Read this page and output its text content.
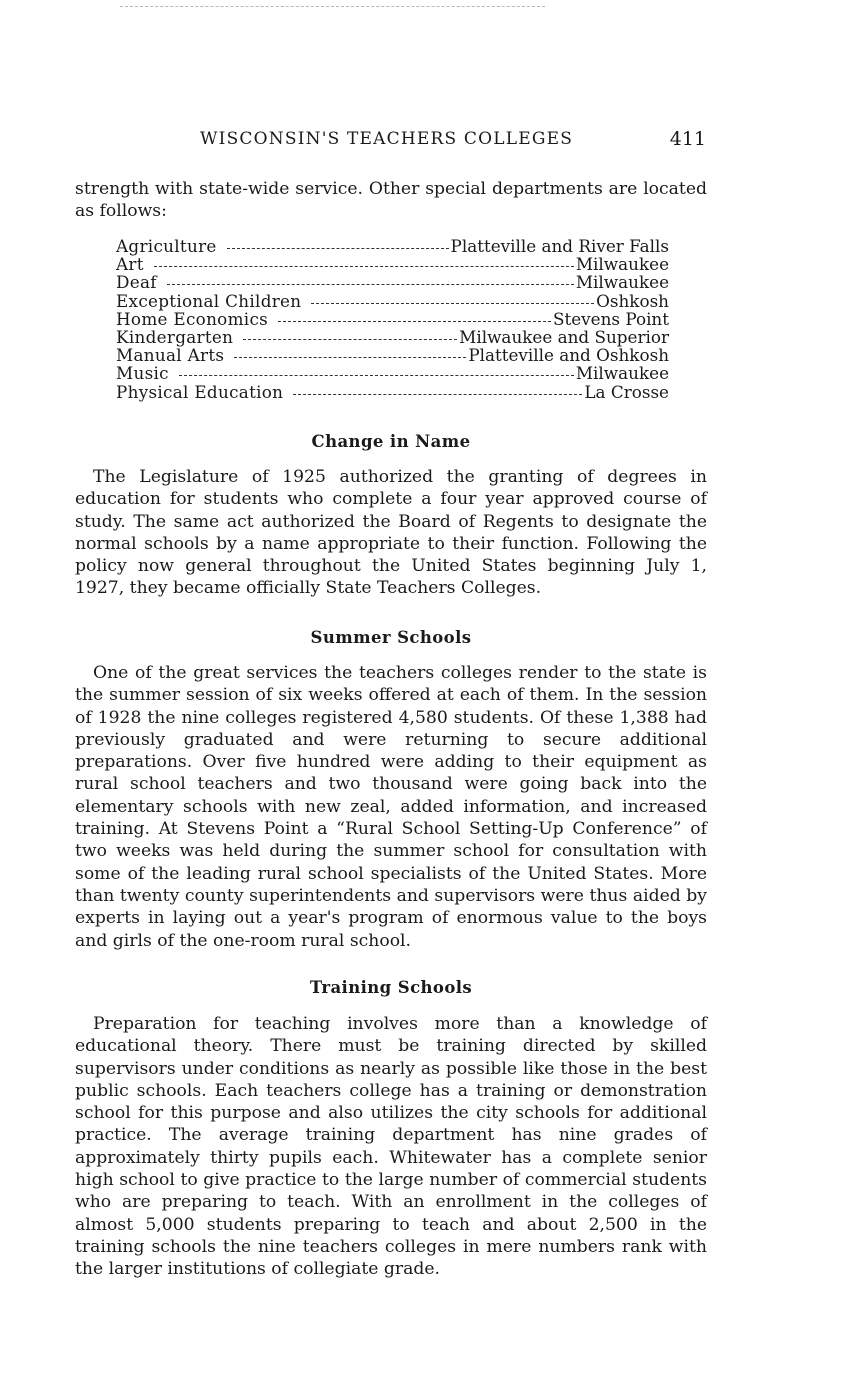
WISCONSIN'S TEACHERS COLLEGES	411

strength with state-wide service. Other special departments are located as follows:

Agriculture	Platteville and River Falls
Art	Milwaukee
Deaf	Milwaukee
Exceptional Children	Oshkosh
Home Economics	Stevens Point
Kindergarten	Milwaukee and Superior
Manual Arts	Platteville and Oshkosh
Music	Milwaukee
Physical Education	La Crosse
Change in Name

The Legislature of 1925 authorized the granting of degrees in education for students who complete a four year approved course of study. The same act authorized the Board of Regents to designate the normal schools by a name appropriate to their function. Following the policy now general throughout the United States beginning July 1, 1927, they became officially State Teachers Colleges.

Summer Schools

One of the great services the teachers colleges render to the state is the summer session of six weeks offered at each of them. In the session of 1928 the nine colleges registered 4,580 students. Of these 1,388 had previously graduated and were returning to secure additional preparations. Over five hundred were adding to their equipment as rural school teachers and two thousand were going back into the elementary schools with new zeal, added information, and increased training. At Stevens Point a “Rural School Setting-Up Conference” of two weeks was held during the summer school for consultation with some of the leading rural school specialists of the United States. More than twenty county superintendents and supervisors were thus aided by experts in laying out a year's program of enormous value to the boys and girls of the one-room rural school.

Training Schools

Preparation for teaching involves more than a knowledge of educational theory. There must be training directed by skilled supervisors under conditions as nearly as possible like those in the best public schools. Each teachers college has a training or demonstration school for this purpose and also utilizes the city schools for additional practice. The average training department has nine grades of approximately thirty pupils each. Whitewater has a complete senior high school to give practice to the large number of commercial students who are preparing to teach. With an enrollment in the colleges of almost 5,000 students preparing to teach and about 2,500 in the training schools the nine teachers colleges in mere numbers rank with the larger institutions of collegiate grade.
